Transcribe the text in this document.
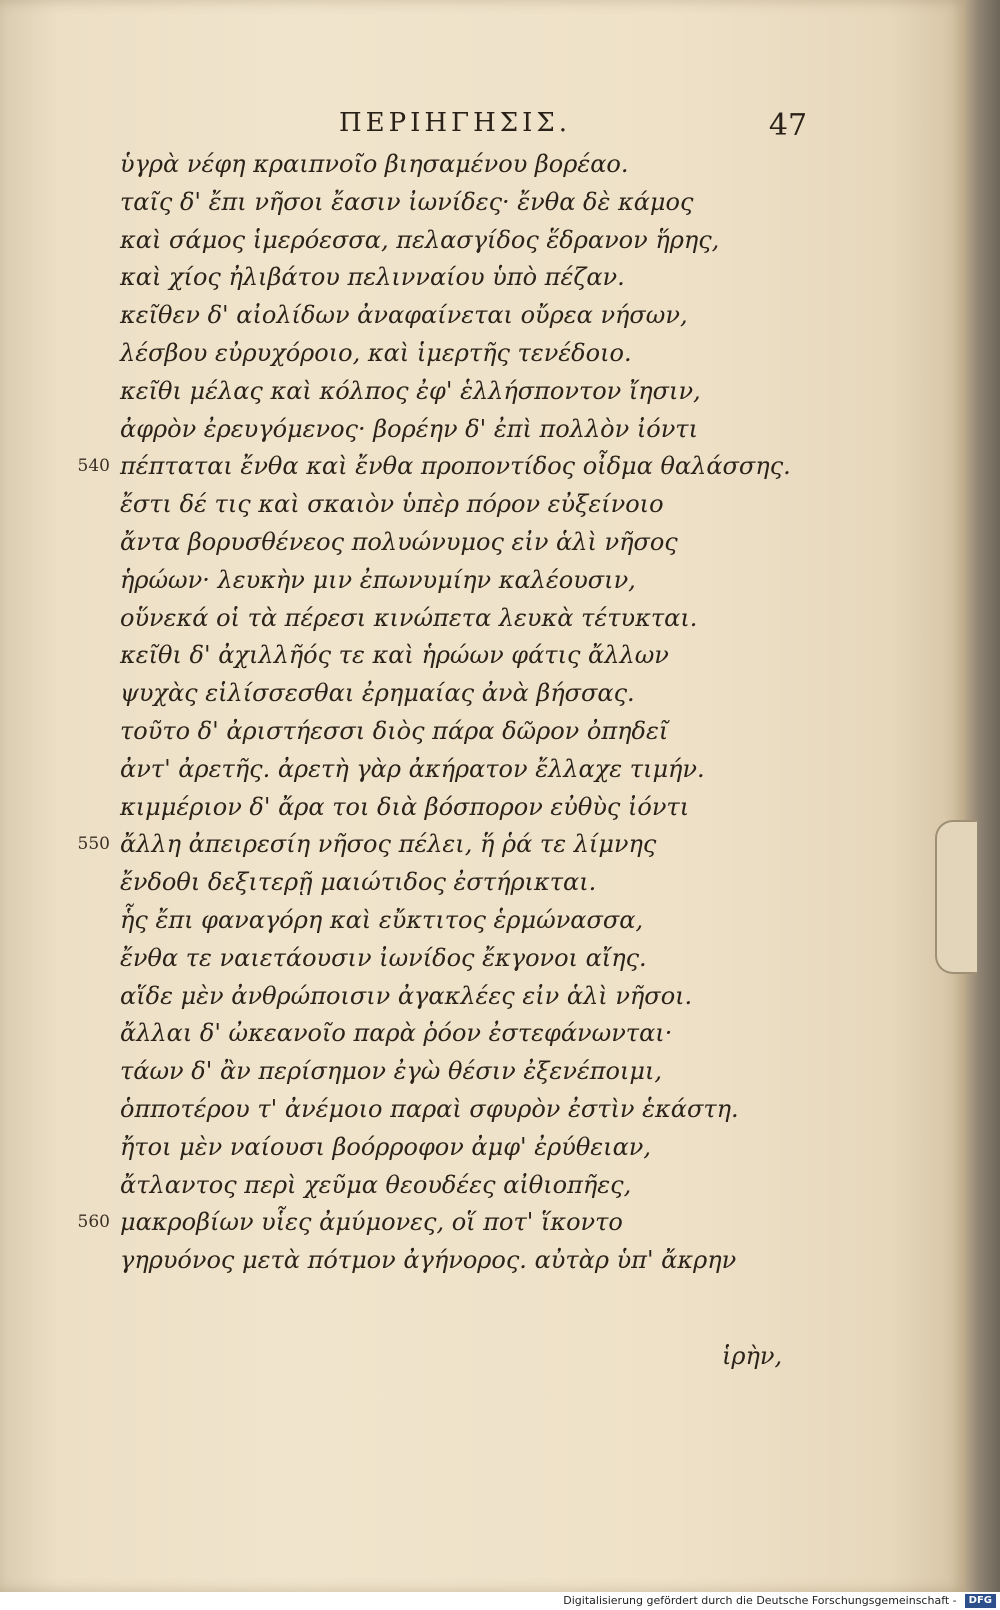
ΠΕΡΙΗΓΗΣΙΣ.	47
ὑγρὰ νέφη κραιπνοῖο βιησαμένου βορέαο.
ταῖς δ' ἔπι νῆσοι ἔασιν ἰωνίδες· ἔνθα δὲ κάμος
καὶ σάμος ἱμερόεσσα, πελασγίδος ἕδρανον ἥρης,
καὶ χίος ἠλιβάτου πελινναίου ὑπὸ πέζαν.
κεῖθεν δ' αἰολίδων ἀναφαίνεται οὔρεα νήσων,
λέσβου εὐρυχόροιο, καὶ ἱμερτῆς τενέδοιο.
κεῖθι μέλας καὶ κόλπος ἐφ' ἑλλήσποντον ἴησιν,
ἀφρὸν ἐρευγόμενος· βορέην δ' ἐπὶ πολλὸν ἰόντι
πέπταται ἔνθα καὶ ἔνθα προποντίδος οἶδμα θαλάσσης.
ἔστι δέ τις καὶ σκαιὸν ὑπὲρ πόρον εὐξείνοιο
ἄντα βορυσθένεος πολυώνυμος εἰν ἁλὶ νῆσος
ἡρώων· λευκὴν μιν ἐπωνυμίην καλέουσιν,
οὕνεκά οἱ τὰ πέρεσι κινώπετα λευκὰ τέτυκται.
κεῖθι δ' ἀχιλλῆός τε καὶ ἡρώων φάτις ἄλλων
ψυχὰς εἱλίσσεσθαι ἐρημαίας ἀνὰ βήσσας.
τοῦτο δ' ἀριστήεσσι διὸς πάρα δῶρον ὀπηδεῖ
ἀντ' ἀρετῆς. ἀρετὴ γὰρ ἀκήρατον ἔλλαχε τιμήν.
κιμμέριον δ' ἄρα τοι διὰ βόσπορον εὐθὺς ἰόντι
ἄλλη ἀπειρεσίη νῆσος πέλει, ἥ ῥά τε λίμνης
ἔνδοθι δεξιτερῇ μαιώτιδος ἐστήρικται.
ἧς ἔπι φαναγόρη καὶ εὔκτιτος ἑρμώνασσα,
ἔνθα τε ναιετάουσιν ἰωνίδος ἔκγονοι αἴης.
αἵδε μὲν ἀνθρώποισιν ἀγακλέες εἰν ἁλὶ νῆσοι.
ἄλλαι δ' ὠκεανοῖο παρὰ ῥόον ἐστεφάνωνται·
τάων δ' ἂν περίσημον ἐγὼ θέσιν ἐξενέποιμι,
ὁπποτέρου τ' ἀνέμοιο παραὶ σφυρὸν ἐστὶν ἑκάστη.
ἤτοι μὲν ναίουσι βοόρροφον ἀμφ' ἐρύθειαν,
ἄτλαντος περὶ χεῦμα θεουδέες αἰθιοπῆες,
μακροβίων υἷες ἀμύμονες, οἵ ποτ' ἵκοντο
γηρυόνος μετὰ πότμον ἀγήνορος. αὐτὰρ ὑπ' ἄκρην
540
550
560
ἱρὴν,
Digitalisierung gefördert durch die Deutsche Forschungsgemeinschaft - DFG
